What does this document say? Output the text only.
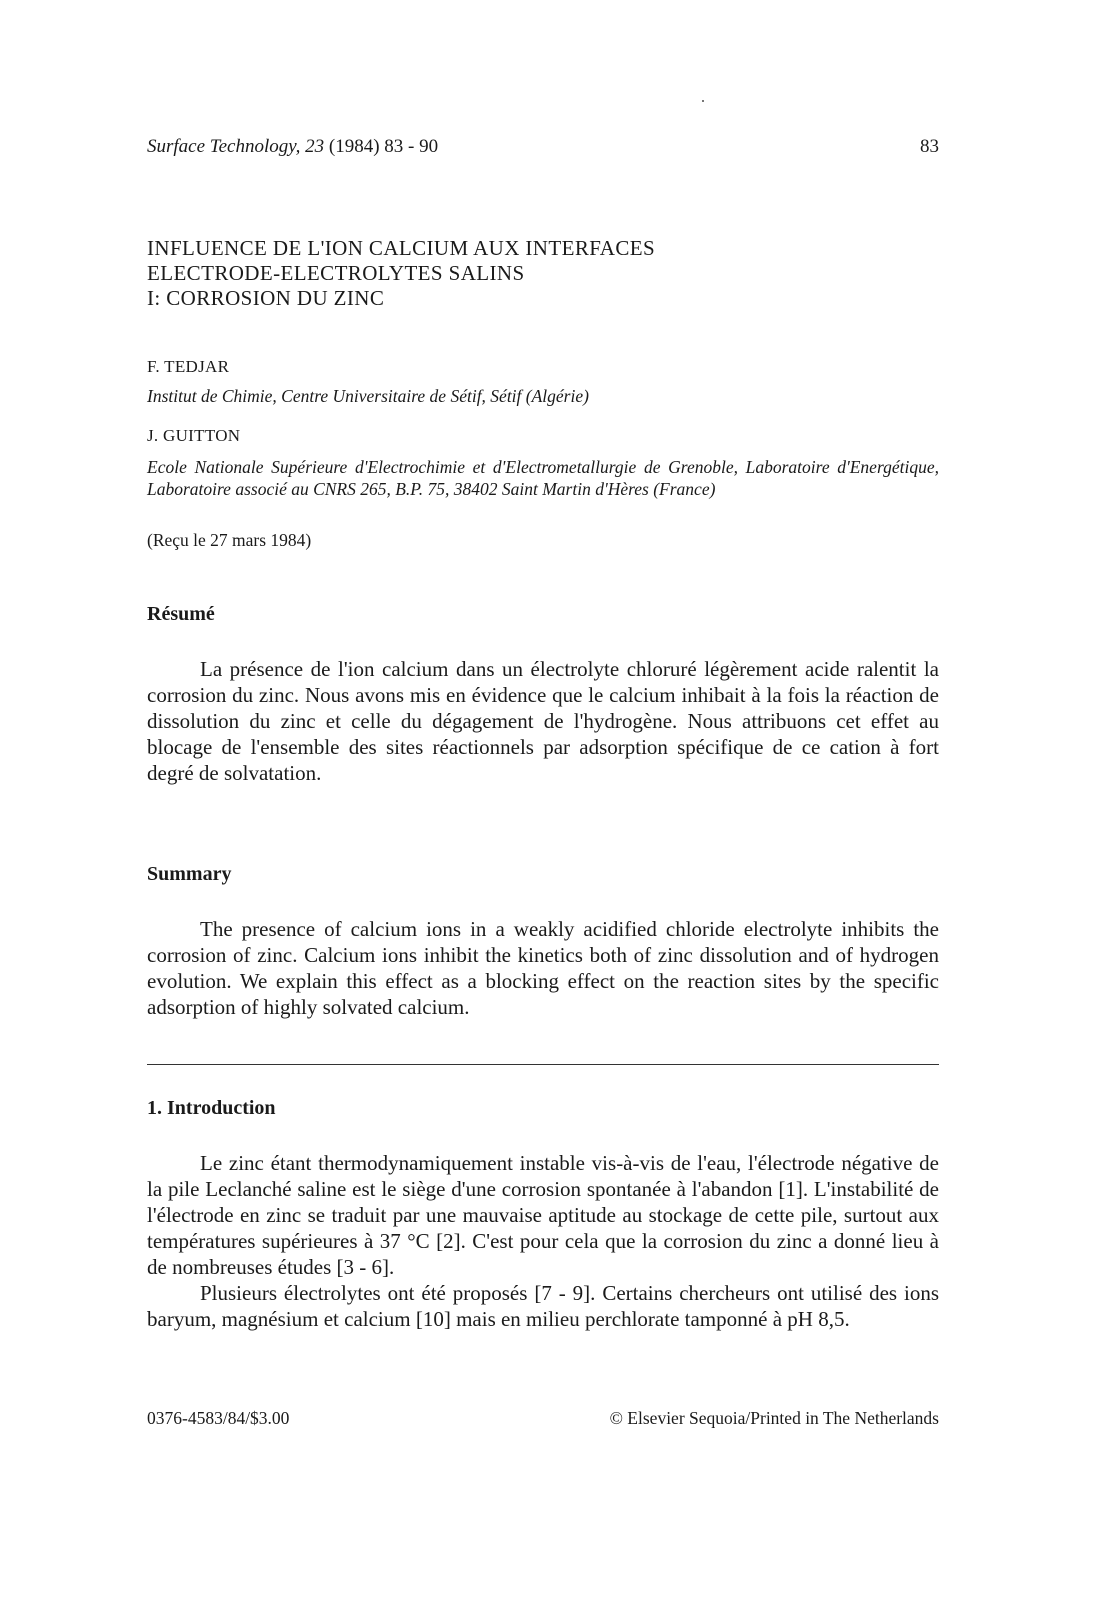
Surface Technology, 23 (1984) 83 - 90	83
INFLUENCE DE L'ION CALCIUM AUX INTERFACES
ELECTRODE-ELECTROLYTES SALINS
I: CORROSION DU ZINC
F. TEDJAR
Institut de Chimie, Centre Universitaire de Sétif, Sétif (Algérie)
J. GUITTON
Ecole Nationale Supérieure d'Electrochimie et d'Electrometallurgie de Grenoble, Laboratoire d'Energétique, Laboratoire associé au CNRS 265, B.P. 75, 38402 Saint Martin d'Hères (France)
(Reçu le 27 mars 1984)
Résumé

La présence de l'ion calcium dans un électrolyte chloruré légèrement acide ralentit la corrosion du zinc. Nous avons mis en évidence que le calcium inhibait à la fois la réaction de dissolution du zinc et celle du dégagement de l'hydrogène. Nous attribuons cet effet au blocage de l'ensemble des sites réactionnels par adsorption spécifique de ce cation à fort degré de solvatation.

Summary

The presence of calcium ions in a weakly acidified chloride electrolyte inhibits the corrosion of zinc. Calcium ions inhibit the kinetics both of zinc dissolution and of hydrogen evolution. We explain this effect as a blocking effect on the reaction sites by the specific adsorption of highly solvated calcium.

1. Introduction

Le zinc étant thermodynamiquement instable vis-à-vis de l'eau, l'électrode négative de la pile Leclanché saline est le siège d'une corrosion spontanée à l'abandon [1]. L'instabilité de l'électrode en zinc se traduit par une mauvaise aptitude au stockage de cette pile, surtout aux températures supérieures à 37 °C [2]. C'est pour cela que la corrosion du zinc a donné lieu à de nombreuses études [3 - 6].

Plusieurs électrolytes ont été proposés [7 - 9]. Certains chercheurs ont utilisé des ions baryum, magnésium et calcium [10] mais en milieu perchlorate tamponné à pH 8,5.

0376-4583/84/$3.00	© Elsevier Sequoia/Printed in The Netherlands
